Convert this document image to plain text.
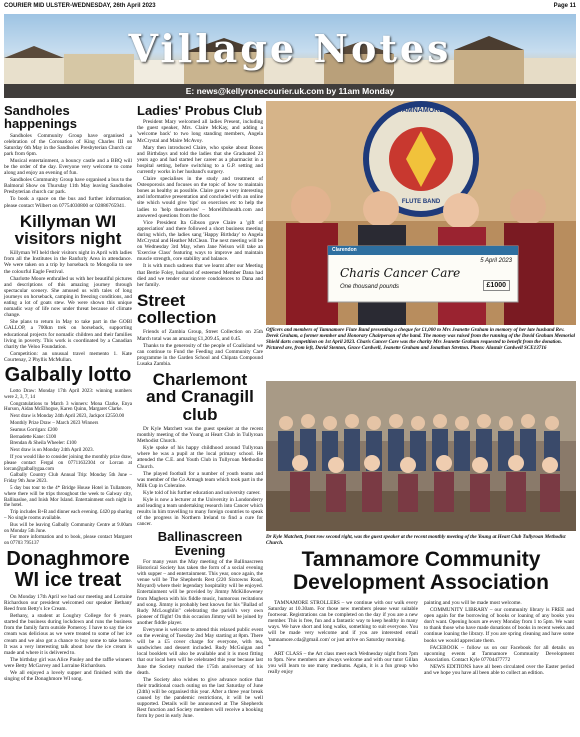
COURIER MID ULSTER-WEDNESDAY, 26th April 2023	Page 11
Village Notes
E: news@kellyronecourier.uk.com by 11am Monday
Sandholes happenings

Sandholes Community Group have organised a celebration of the Coronation of King Charles III on Saturday 6th May in the Sandholes Presbyterian Church car park from 6pm.

Musical entertainment, a bouncy castle and a BBQ will be the order of the day. Everyone very welcome to come along and enjoy an evening of fun.

Sandholes Community Group have organised a bus to the Balmoral Show on Thursday 11th May leaving Sandholes Presbyterian church car park.

To book a space on the bus and further information, please contact Wilbert on 07754030800 or 02886765941.

Killyman WI visitors night

Killyman WI held their visitors night in April with ladies from all the Institutes in the Ranfurly Area in attendance. We were taken on a trip by horseback to Mongolia to see the colourful Eagle Festival.

Charlotte Moore enthralled us with her beautiful pictures and descriptions of this amazing journey through spectacular scenery. She amused us with tales of long journeys on horseback, camping in freezing conditions, and eating a lot of goats stew. We were shown this unique nomadic way of life now under threat because of climate change.

She plans to return in May to take part in the GOBI GALLOP, a 700km trek on horseback, supporting educational projects for nomadic children and their families living in poverty. This work is coordinated by a Canadian charity the Veloo Foundation.

Competition: an unusual travel memento 1. Kate Courtenay, 2 Phyllis McMullan.

Galbally lotto

Lotto Draw: Monday 17th April 2023: winning numbers were 2, 3, 7, 14

Congratulations to Match 3 winners: Mona Clarke, Enya Hurson, Aidan McElhogue, Karen Quinn, Margaret Clarke.

Next draw is Monday 24th April 2023, Jackpot £2550.00

Monthly Prize Draw – March 2023 Winners

Seamus Gorrigan: £200

Bernadette Kane: £100

Brendan & Sheila Wheeler: £100

Next draw is on Monday 24th April 2023.

If you would like to consider joining the monthly prize draw, please contact Fergal on 07711632304 or Lorcan at lorcan@galballygaa.com

Galbally Country Club Annual Trip: Monday 5th June – Friday 9th June 2023.

5 day bus tour to the 4* Bridge House Hotel in Tullamore, where there will be trips throughout the week to Galway city, Ballinasloe, and Inish Mor Island. Entertainment each night in the hotel.

Trip includes B+B and dinner each evening. £420 pp sharing – No single rooms available.

Bus will be leaving Galbally Community Centre at 9.00am on Monday 5th June.

For more information and to book, please contact Margaret on 07703 795137

Donaghmore WI ice treat

On Monday 17th April we had our meeting and Lorraine Richardson our president welcomed our speaker Bethany Reed from Betty's Ice Cream.

Bethany, a student at Loughry College for 6 years, started the business during lockdown and runs the business from the family farm outside Pomeroy. I have to say the ice cream was delicious as we were treated to some of her ice cream and we also got a chance to buy some to take home. It was a very interesting talk about how the ice cream is made and where it is delivered to.

The birthday girl was Alice Pauley and the raffle winners were Betty McGarvey and Lorraine Richardson.

We all enjoyed a lovely supper and finished with the singing of the Donaghmore WI song.

Ladies' Probus Club

President Mary welcomed all ladies Present, including the guest speaker, Mrs. Claire McKay, and adding a 'welcome back' to two long standing members, Angela McCrystal and Maire McAvoy.

Mary then introduced Claire, who spoke about Bones and Birthdays and told the ladies that she Graduated 23 years ago and had started her career as a pharmacist in a hospital setting, before switching to a G.P. setting and currently works in her husband's surgery.

Claire specialises in the study and treatment of Osteoporosis and focuses on the topic of how to maintain bones as healthy as possible. Claire gave a very interesting and informative presentation and concluded with an online site which would give 'tips' on exercises etc to help the ladies to 'help themselves' – Moreliftshealth.com and answered questions from the floor.

Vice President Ita Gibson gave Claire a 'gift of appreciation' and there followed a short business meeting during which, the ladies sang 'Happy Birthday' to Angela McCrystal and Heather McClean. The next meeting will be on Wednesday 3rd May, when Jane Nelson will take an 'Exercise Class' featuring ways to improve and maintain muscle strength, core stability and balance.

It is with much sadness that we learnt after our Meeting that Bertie Foley, husband of esteemed Member Dana had died and we tender our sincere condolences to Dana and her family.

Street collection

Friends of Zambia Group, Street Collection on 25th March total was an amazing £1,209.45, and 0.45.

Thanks to the generosity of the people of Coalisland we can continue to Fund the Feeding and Community Care programme in the Garden School and Chipata Compound Lusaka Zambia.

Charlemont and Cranagill club

Dr Kyle Matchett was the guest speaker at the recent monthly meeting of the Young at Heart Club in Tullyroan Methodist Church.

Kyle spoke of his happy childhood around Tullyroan where he was a pupil at the local primary school. He attended the C.E. and Youth Club in Tullyroan Methodist Church.

The played football for a number of youth teams and was member of the Co Armagh team which took part in the Milk Cup in Coleraine.

Kyle told of his further education and university career.

Kyle is now a lecturer at the University in Londonderry and leading a team undertaking research into Cancer which results in him travelling to many foreign countries to speak of the progress in Northern Ireland to find a cure for cancer.

Ballinascreen Evening

For many years the May meeting of the Ballinascreen Historical Society has taken the form of a social evening with supper – and entertainment. This year, once again, the venue will be The Shepherds Rest (220 Sixtowns Road, Moyard) where their legendary hospitality will be enjoyed. Entertainment will be provided by Jimmy McKilloweney from Maghera with his fiddle music, humorous recitations and song. Jimmy is probably best known for his "Ballad of Rudy McLoughlin" celebrating the parish's very own pioneer of flight! On this occasion Jimmy will be joined by another fiddle player.

Everyone is welcome to attend this relaxed public event on the evening of Tuesday 2nd May starting at 8pm. There will be a £5 cover charge for everyone, with tea, sandwiches and dessert included. Rudy McGuigan and local booklets will also be available and it is most fitting that our local hero will be celebrated this year because last June the Society marked the 175th anniversary of his death.

The Society also wishes to give advance notice that their traditional coach outing on the last Saturday of June (24th) will be organised this year. After a three year break caused by the pandemic restrictions, it will be well supported. Details will be announced at The Shepherds Rest function and Society members will receive a booking form by post in early June.

TAMNAMORE
FLUTE BAND
Clarendon
5 April 2023
Charis Cancer Care
One thousand pounds	£1000
Officers and members of Tamnamore Flute Band presenting a cheque for £1,000 to Mrs Jeanette Graham in memory of her late husband Rev. Derek Graham, a former member and Honorary Chairperson of the band. The money was raised from the running of the David Graham Memorial Shield darts competition on 1st April 2023. Charis Cancer Care was the charity Mrs Jeanette Graham requested to benefit from the donation. Pictured are, from left, David Stenton, Grace Cardwell, Jeanette Graham and Jonathan Stretton. Photo: Alastair Cardwell SCE13716
Dr Kyle Matchett, front row second right, was the guest speaker at the recent monthly meeting of the Young at Heart Club Tullyroan Methodist Church.
Tamnamore Community Development Association

TAMNAMORE STROLLERS – we continue with our walk every Saturday at 10.30am. For those new members please wear suitable footwear. Registrations can be completed on the day if you are a new member. This is free, fun and a fantastic way to keep healthy in many ways. We have short and long walks, something to suit everyone. You will be made very welcome and if you are interested email 'tamnamore.cda@gmail.com' or just arrive on Saturday morning.

*

ART CLASS – the Art class meet each Wednesday night from 7pm to 9pm. New members are always welcome and with our tutor Gillan you will learn to use many mediums. Again, it is a fun group who really enjoy

painting and you will be made most welcome.

COMMUNITY LIBRARY – our community library is FREE and open again for the borrowing of books or loaning of any books you don't want. Opening hours are every Monday from 1 to 5pm. We want to thank those who have made donations of books in recent weeks and continue loaning the library. If you are spring cleaning and have some books we would appreciate them.

FACEBOOK – follow us on our Facebook for all details on upcoming events at Tamnamore Community Development Association. Contact Kyle 07704477772

NEWS EDITIONS have all been circulated over the Easter period and we hope you have all been able to collect an edition.
